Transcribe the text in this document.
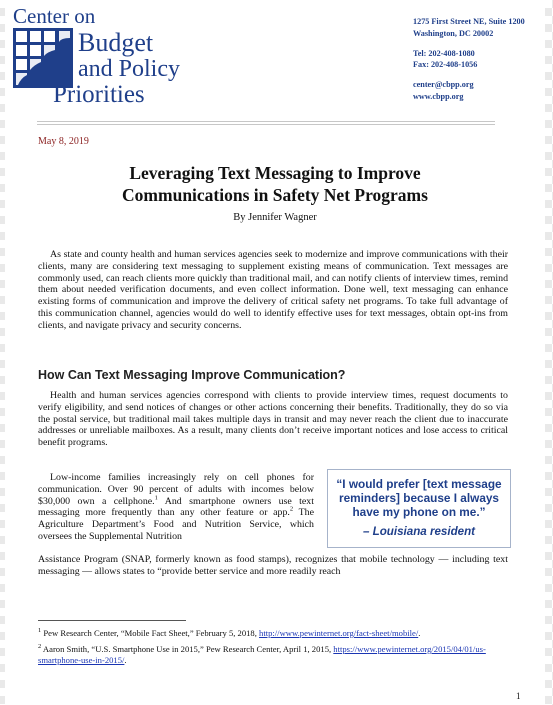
Center on
Budget
and Policy
Priorities
1275 First Street NE, Suite 1200
Washington, DC 20002
Tel: 202-408-1080
Fax: 202-408-1056
center@cbpp.org
www.cbpp.org
May 8, 2019
Leveraging Text Messaging to Improve
Communications in Safety Net Programs
By Jennifer Wagner

As state and county health and human services agencies seek to modernize and improve communications with their clients, many are considering text messaging to supplement existing means of communication. Text messages are commonly used, can reach clients more quickly than traditional mail, and can notify clients of interview times, remind them about needed verification documents, and even collect information. Done well, text messaging can enhance existing forms of communication and improve the delivery of critical safety net programs. To take full advantage of this communication channel, agencies would do well to identify effective uses for text messages, obtain opt-ins from clients, and navigate privacy and security concerns.

How Can Text Messaging Improve Communication?

Health and human services agencies correspond with clients to provide interview times, request documents to verify eligibility, and send notices of changes or other actions concerning their benefits. Traditionally, they do so via the postal service, but traditional mail takes multiple days in transit and may never reach the client due to inaccurate addresses or unreliable mailboxes. As a result, many clients don’t receive important notices and lose access to critical benefit programs.

Low-income families increasingly rely on cell phones for communication. Over 90 percent of adults with incomes below $30,000 own a cellphone.$^1$ And smartphone owners use text messaging more frequently than any other feature or app.$^2$ The Agriculture Department’s Food and Nutrition Service, which oversees the Supplemental Nutrition

Assistance Program (SNAP, formerly known as food stamps), recognizes that mobile technology — including text messaging — allows states to “provide better service and more readily reach

“I would prefer [text message reminders] because I always have my phone on me.”
– Louisiana resident
$^1$ Pew Research Center, “Mobile Fact Sheet,” February 5, 2018, http://www.pewinternet.org/fact-sheet/mobile/.
$^2$ Aaron Smith, “U.S. Smartphone Use in 2015,” Pew Research Center, April 1, 2015, https://www.pewinternet.org/2015/04/01/us-smartphone-use-in-2015/.
1
